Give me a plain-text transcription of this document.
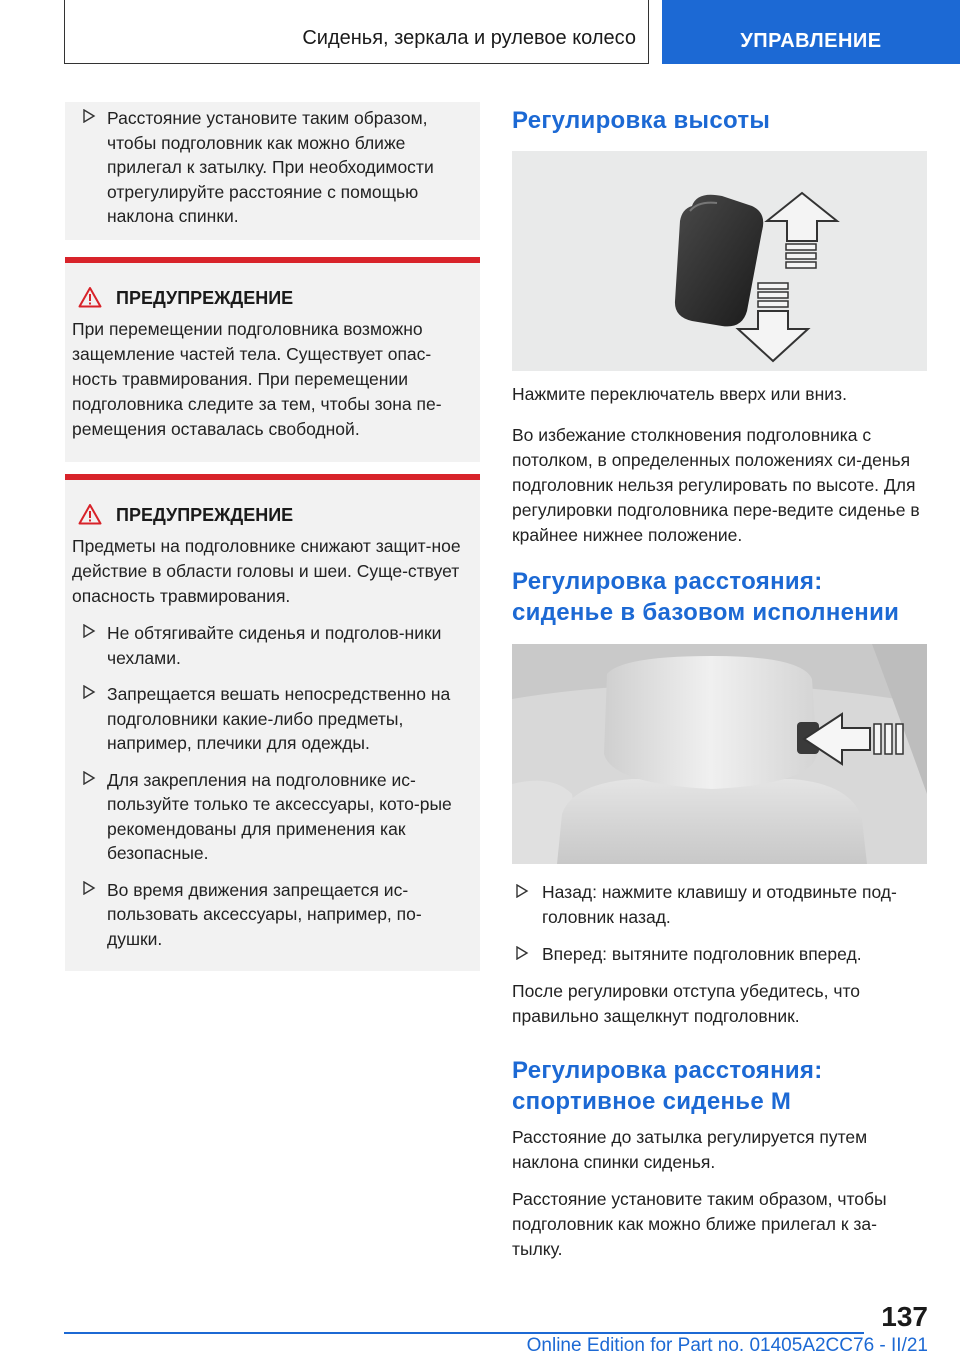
Сиденья, зеркала и рулевое колесо	УПРАВЛЕНИЕ
Расстояние установите таким образом, чтобы подголовник как можно ближе прилегал к затылку. При необходимости отрегулируйте расстояние с помощью наклона спинки.
ПРЕДУПРЕЖДЕНИЕ
При перемещении подголовника возможно защемление частей тела. Существует опас-ность травмирования. При перемещении подголовника следите за тем, чтобы зона пе-ремещения оставалась свободной.
ПРЕДУПРЕЖДЕНИЕ
Предметы на подголовнике снижают защит-ное действие в области головы и шеи. Суще-ствует опасность травмирования.
Не обтягивайте сиденья и подголов-ники чехлами.
Запрещается вешать непосредственно на подголовники какие-либо предметы, например, плечики для одежды.
Для закрепления на подголовнике ис-пользуйте только те аксессуары, кото-рые рекомендованы для применения как безопасные.
Во время движения запрещается ис-пользовать аксессуары, например, по-душки.
Регулировка высоты
Нажмите переключатель вверх или вниз.
Во избежание столкновения подголовника с потолком, в определенных положениях си-денья подголовник нельзя регулировать по высоте. Для регулировки подголовника пере-ведите сиденье в крайнее нижнее положение.
Регулировка расстояния:
сиденье в базовом исполнении
Назад: нажмите клавишу и отодвиньте под-головник назад.
Вперед: вытяните подголовник вперед.
После регулировки отступа убедитесь, что правильно защелкнут подголовник.
Регулировка расстояния:
спортивное сиденье M
Расстояние до затылка регулируется путем наклона спинки сиденья.
Расстояние установите таким образом, чтобы подголовник как можно ближе прилегал к за-тылку.
137
Online Edition for Part no. 01405A2CC76 - II/21
